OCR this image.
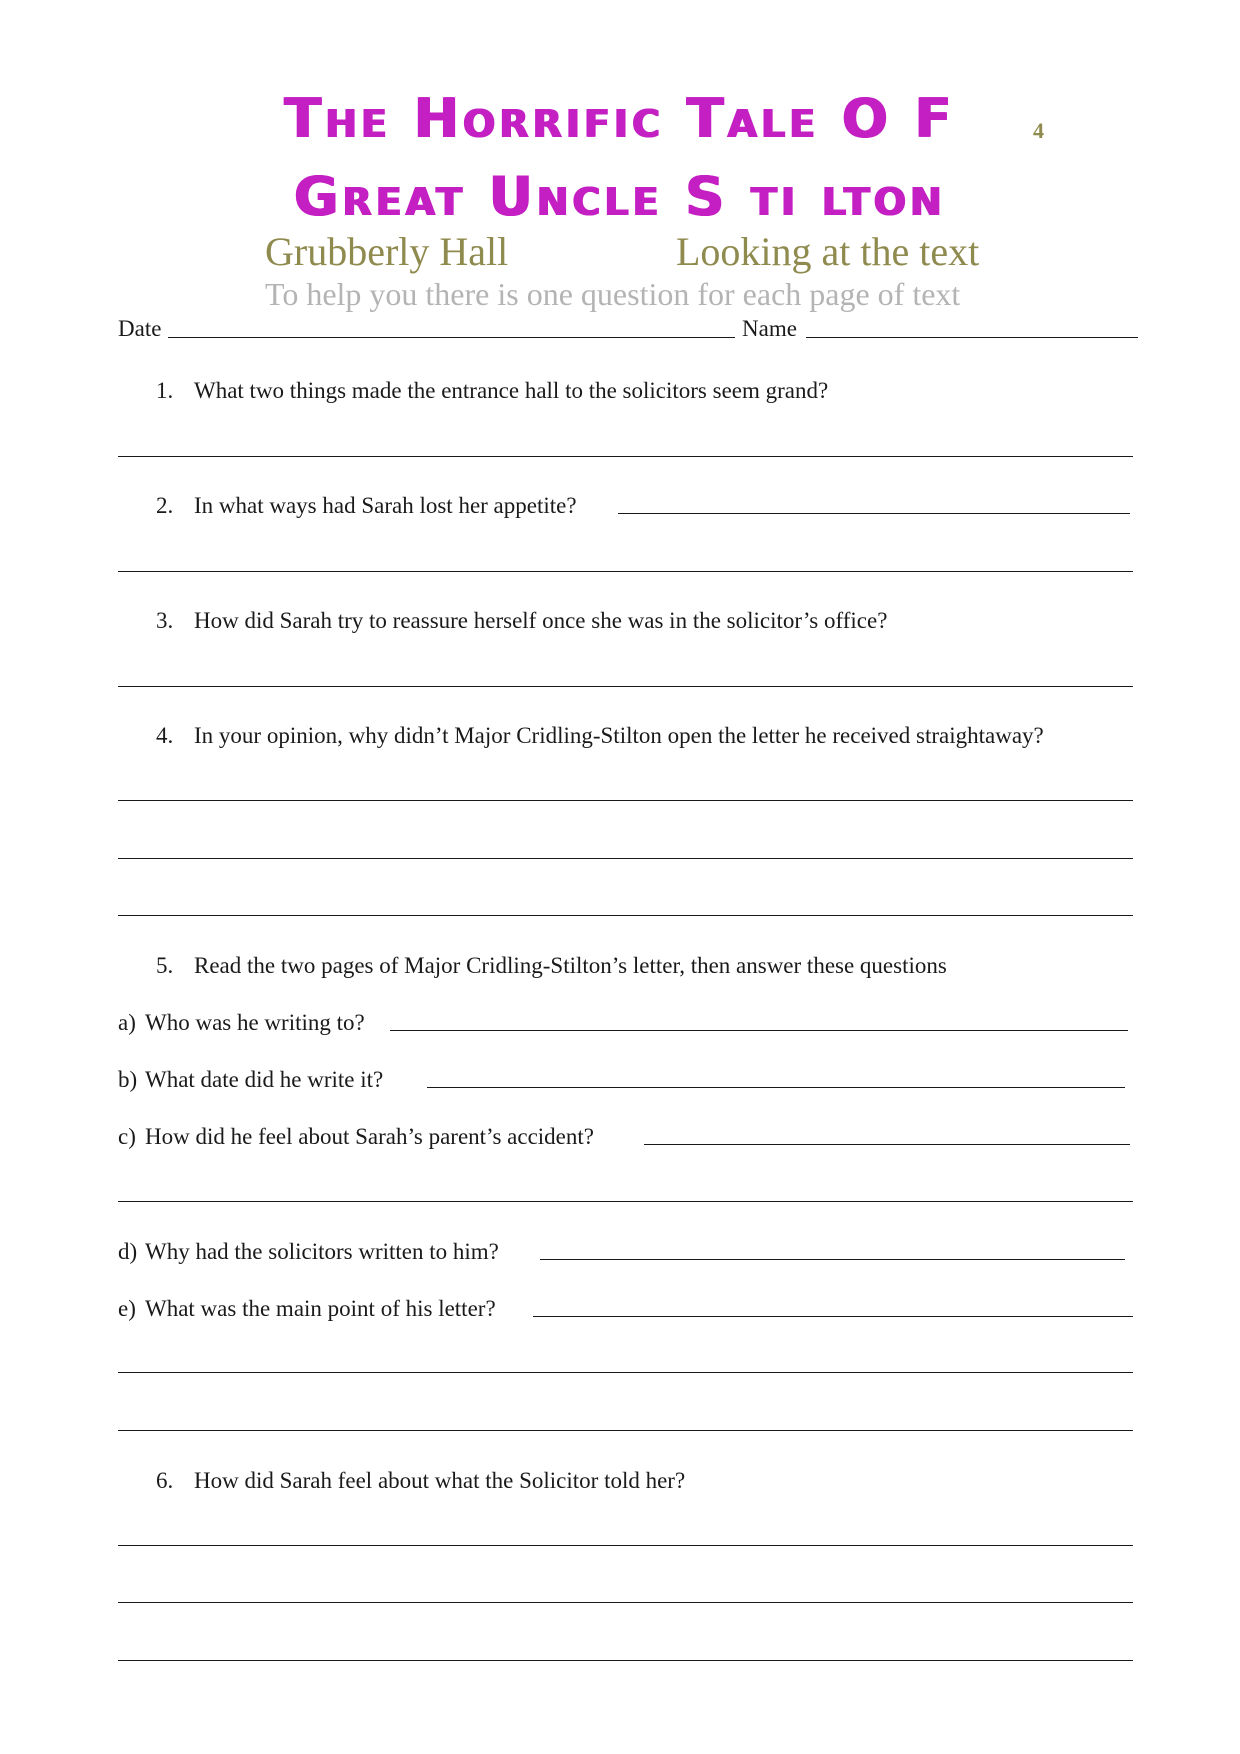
The Horrific Tale O F	4
Great Uncle S ti lton
Grubberly Hall	Looking at the text
To help you there is one question for each page of text
Date	Name
1. What two things made the entrance hall to the solicitors seem grand?
2. In what ways had Sarah lost her appetite?
3. How did Sarah try to reassure herself once she was in the solicitor’s office?
4. In your opinion, why didn’t Major Cridling-Stilton open the letter he received straightaway?
5. Read the two pages of Major Cridling-Stilton’s letter, then answer these questions
a) Who was he writing to?
b) What date did he write it?
c) How did he feel about Sarah’s parent’s accident?
d) Why had the solicitors written to him?
e) What was the main point of his letter?
6. How did Sarah feel about what the Solicitor told her?
